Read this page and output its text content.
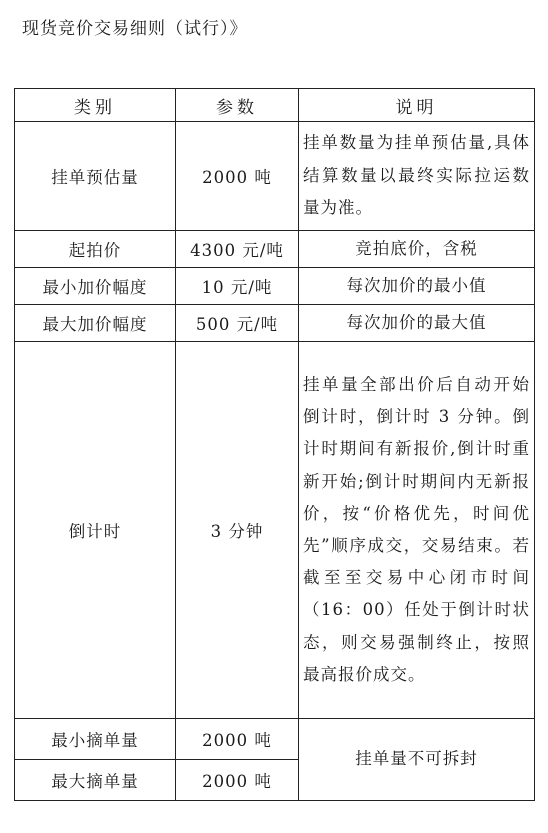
现货竞价交易细则（试行）》
类别	参数	说明
挂单预估量	2000 吨	挂单数量为挂单预估量,具体结算数量以最终实际拉运数量为准。
起拍价	4300 元/吨	竞拍底价，含税
最小加价幅度	10 元/吨	每次加价的最小值
最大加价幅度	500 元/吨	每次加价的最大值
倒计时	3 分钟	挂单量全部出价后自动开始倒计时，倒计时 3 分钟。倒计时期间有新报价,倒计时重新开始;倒计时期间内无新报价，按“价格优先，时间优先”顺序成交，交易结束。若截至至交易中心闭市时间（16：00）任处于倒计时状态，则交易强制终止，按照最高报价成交。
最小摘单量	2000 吨	挂单量不可拆封
最大摘单量	2000 吨	
